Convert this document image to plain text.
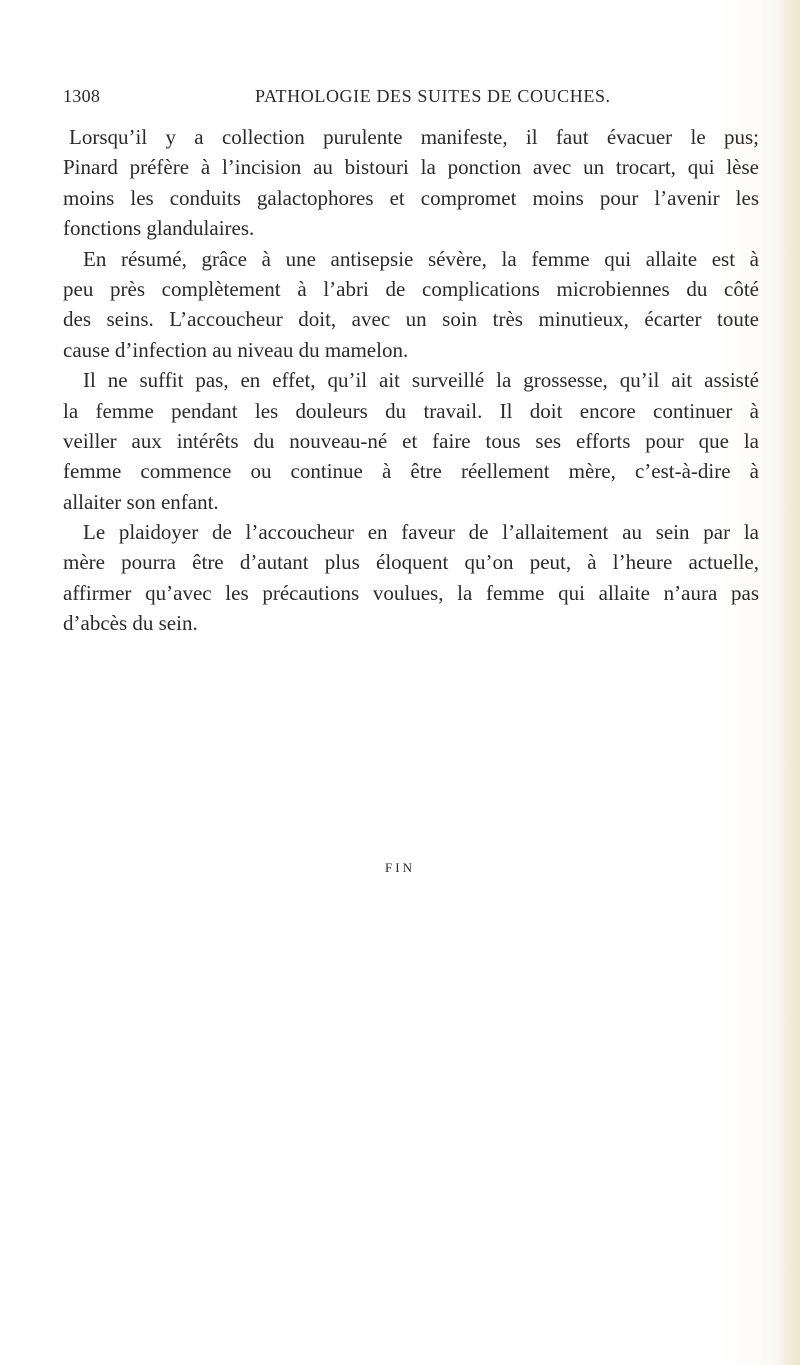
1308	PATHOLOGIE DES SUITES DE COUCHES.
Lorsqu’il y a collection purulente manifeste, il faut évacuer le pus;
Pinard préfère à l’incision au bistouri la ponction avec un trocart, qui lèse
moins les conduits galactophores et compromet moins pour l’avenir les
fonctions glandulaires.
En résumé, grâce à une antisepsie sévère, la femme qui allaite est à
peu près complètement à l’abri de complications microbiennes du côté
des seins. L’accoucheur doit, avec un soin très minutieux, écarter toute
cause d’infection au niveau du mamelon.
Il ne suffit pas, en effet, qu’il ait surveillé la grossesse, qu’il ait assisté
la femme pendant les douleurs du travail. Il doit encore continuer à
veiller aux intérêts du nouveau-né et faire tous ses efforts pour que la
femme commence ou continue à être réellement mère, c’est-à-dire à
allaiter son enfant.
Le plaidoyer de l’accoucheur en faveur de l’allaitement au sein par la
mère pourra être d’autant plus éloquent qu’on peut, à l’heure actuelle,
affirmer qu’avec les précautions voulues, la femme qui allaite n’aura pas
d’abcès du sein.
FIN
